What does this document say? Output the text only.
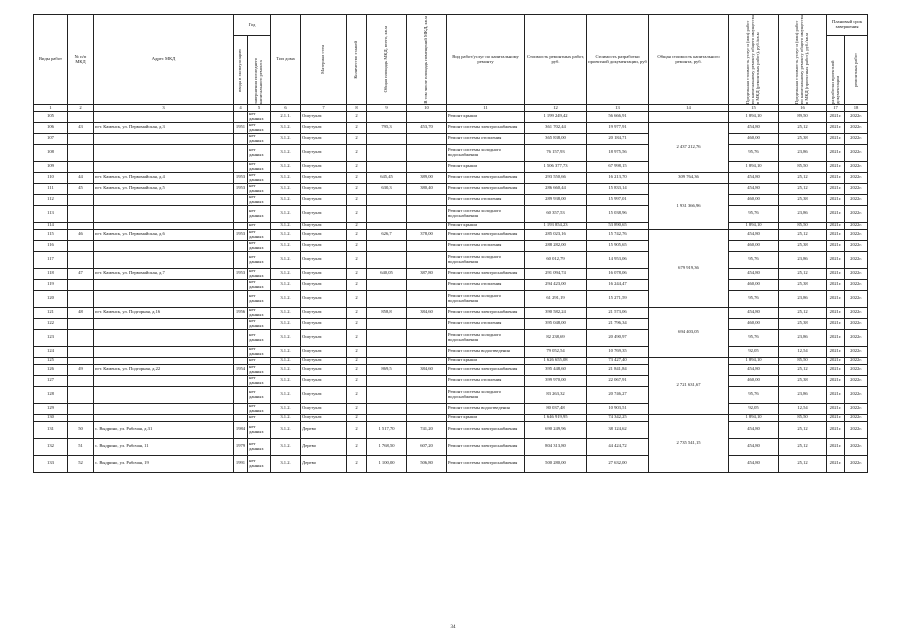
Виды работ	№ п/п МКД	Адрес МКД	Год		Тип дома	Материал стен	Количество этажей	Общая площадь МКД, всего, кв.м	В том числе площадь помещений МКД, кв.м	Вид работ/услуг по капитальному ремонту	Стоимость ремонтных работ, руб.	Стоимость разработки проектной документации, руб	Общая стоимость капитального ремонта, руб.	Предельная стоимость услуг и (или) работ по капитальному ремонту общего имущества в МКД (ремонтных работ), руб./кв.м	Предельная стоимость услуг и (или) работ по капитальному ремонту общего имущества в МКД (проектных работ), руб./кв.м	Плановый срок завершения	

			ввода в эксплуатацию	завершения последнего капитального ремонта												разработки проектной документации	ремонтных работ

1	2	3	4	5	6	7	8	9	10	11	12	13	14	15	16	17	18
105				нет данных	2.1.1.	Ошутукат.	2			Ремонт крыши	1 199 249,42	56 666,91		1 894,10	89,50	2021г.	2022г.
106	43	пгт. Каменск, ул. Первомайская, д.3	1951	нет данных	3.1.2.	Ошутукат.	2	795,3	453,70	Ремонт системы электроснабжения	361 702,44	19 977,91	2 437 212,76	454,80	25,12	2021г.	2022г.
107				нет данных	3.1.2.	Ошутукат.	2			Ремонт системы отопления	365 838,00	20 184,71		460,00	25,38	2021г.	2022г.
108				нет данных	3.1.2.	Ошутукат.	2			Ремонт системы холодного водоснабжения	76 157,93	18 975,56		95,76	23,86	2021г.	2022г.
109				нет данных	3.1.2.	Ошутукат.	2			Ремонт крыши	1 506 377,73	67 998,15		1 894,10	85,50	2021г.	2022г.
110	44	пгт. Каменск, ул. Первомайская, д.4	1953	нет данных	3.1.2.	Ошутукат.	2	645,45	389,00	Ремонт системы электроснабжения	293 550,66	16 213,70	309 764,36	454,80	25,12	2021г.	2022г.
111	45	пгт. Каменск, ул. Первомайская, д.5	1953	нет данных	3.1.2.	Ошутукат.	2	630,3	380,40	Ремонт системы электроснабжения	286 660,44	15 833,14	1 931 366,96	454,80	25,12	2021г.	2022г.
112				нет данных	3.1.2.	Ошутукат.	2			Ремонт системы отопления	289 938,00	15 997,01		460,00	25,38	2021г.	2022г.
113				нет данных	3.1.2.	Ошутукат.	2			Ремонт системы холодного водоснабжения	60 357,53	15 038,96		95,76	23,86	2021г.	2022г.
114				нет	3.1.2.	Ошутукат.	2			Ремонт крыши	1 193 854,23	53 890,65		1 894,10	85,50	2021г.	2022г.
115	46	пгт. Каменск, ул. Первомайская, д.6	1953	нет данных	3.1.2.	Ошутукат.	2	626,7	378,00	Ремонт системы электроснабжения	285 023,16	15 742,76	679 919,36	454,80	25,12	2021г.	2022г.
116				нет данных	3.1.2.	Ошутукат.	2			Ремонт системы отопления	288 282,00	15 905,65		460,00	25,38	2021г.	2022г.
117				нет данных	3.1.2.	Ошутукат.	2			Ремонт системы холодного водоснабжения	60 012,79	14 953,06		95,76	23,86	2021г.	2022г.
118	47	пгт. Каменск, ул. Первомайская, д.7	1953	нет данных	3.1.2.	Ошутукат.	2	640,05	387,80	Ремонт системы электроснабжения	291 094,74	16 078,06		454,80	25,12	2021г.	2022г.
119				нет данных	3.1.2.	Ошутукат.	2			Ремонт системы отопления	294 423,00	16 244,47		460,00	25,38	2021г.	2022г.
120				нет данных	3.1.2.	Ошутукат.	2			Ремонт системы холодного водоснабжения	61 291,19	15 271,59		95,76	23,86	2021г.	2022г.
121	48	пгт. Каменск, ул. Подгорная, д.16	1956	нет данных	3.1.2.	Ошутукат.	2	858,8	384,60	Ремонт системы электроснабжения	390 582,24	21 573,06	694 403,05	454,80	25,12	2021г.	2022г.
122				нет данных	3.1.2.	Ошутукат.	2			Ремонт системы отопления	395 048,00	21 796,34		460,00	25,38	2021г.	2022г.
123				нет данных	3.1.2.	Ошутукат.	2			Ремонт системы холодного водоснабжения	82 238,69	20 490,97		95,76	23,86	2021г.	2022г.
124				нет данных	3.1.2.	Ошутукат.	2			Ремонт системы водоотведения	79 052,54	10 769,35		92,05	12,54	2021г.	2022г.
125				нет	3.1.2.	Ошутукат.	2			Ремонт крыши	1 626 655,08	73 427,40	2 721 631,67	1 894,10	85,50	2021г.	2022г.
126	49	пгт. Каменск, ул. Подгорная, д.22	1954	нет данных	3.1.2.	Ошутукат.	2	869,5	384,60	Ремонт системы электроснабжения	395 448,60	21 841,84		454,80	25,12	2021г.	2022г.
127				нет данных	3.1.2.	Ошутукат.	2			Ремонт системы отопления	399 970,00	22 067,91		460,00	25,38	2021г.	2022г.
128				нет данных	3.1.2.	Ошутукат.	2			Ремонт системы холодного водоснабжения	83 263,32	20 746,27		95,76	23,86	2021г.	2022г.
129				нет данных	3.1.2.	Ошутукат.	2			Ремонт системы водоотведения	80 037,48	10 903,51		92,05	12,54	2021г.	2022г.
130				нет	3.1.2.	Ошутукат.	2			Ремонт крыши	1 646 919,95	74 342,25	2 735 541,15	1 894,10	85,50	2021г.	2022г.
131	50	с. Выдрино, ул. Рабочая, д.31	1984	нет данных	3.1.2.	Дерево	2	1 517,70	741,20	Ремонт системы электроснабжения	690 249,96	38 124,62		454,80	25,12	2021г.	2022г.
132	51	с. Выдрино, ул. Рабочая, 11	1979	нет данных	3.1.2.	Дерево	2	1 768,50	607,20	Ремонт системы электроснабжения	804 313,80	44 424,72		454,80	25,12	2021г.	2022г.
133	52	с. Выдрино, ул. Рабочая, 19	1991	нет данных	3.1.2.	Дерево	2	1 100,00	506,80	Ремонт системы электроснабжения	500 280,00	27 632,00		454,80	25,12	2021г.	2022г.
34
